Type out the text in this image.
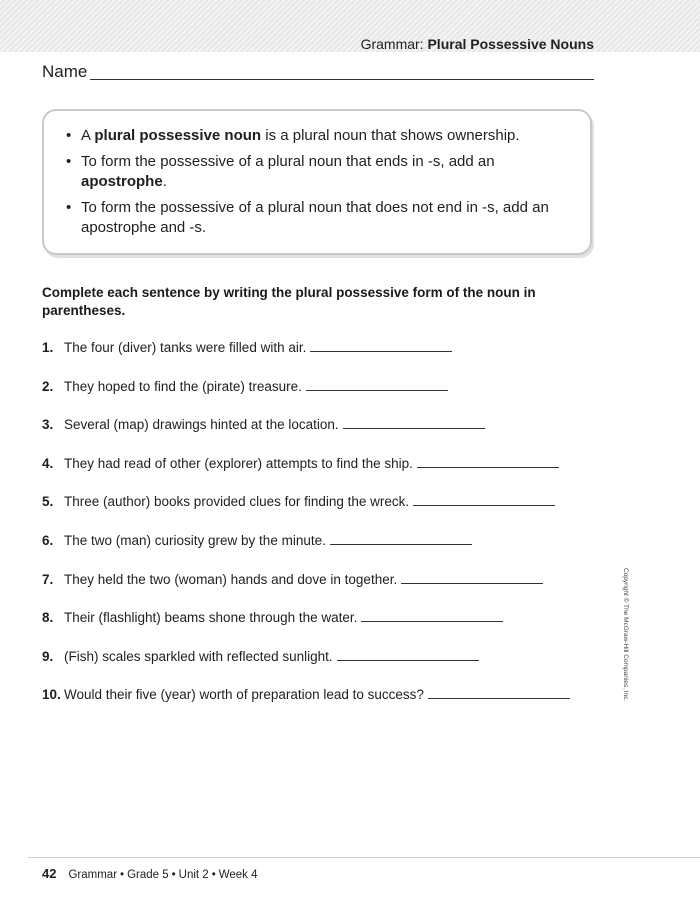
Grammar: Plural Possessive Nouns
Name
• A plural possessive noun is a plural noun that shows ownership.
• To form the possessive of a plural noun that ends in -s, add an apostrophe.
• To form the possessive of a plural noun that does not end in -s, add an apostrophe and -s.
Complete each sentence by writing the plural possessive form of the noun in parentheses.
1. The four (diver) tanks were filled with air.
2. They hoped to find the (pirate) treasure.
3. Several (map) drawings hinted at the location.
4. They had read of other (explorer) attempts to find the ship.
5. Three (author) books provided clues for finding the wreck.
6. The two (man) curiosity grew by the minute.
7. They held the two (woman) hands and dove in together.
8. Their (flashlight) beams shone through the water.
9. (Fish) scales sparkled with reflected sunlight.
10. Would their five (year) worth of preparation lead to success?	Copyright © The McGraw-Hill Companies, Inc.
42 Grammar • Grade 5 • Unit 2 • Week 4
